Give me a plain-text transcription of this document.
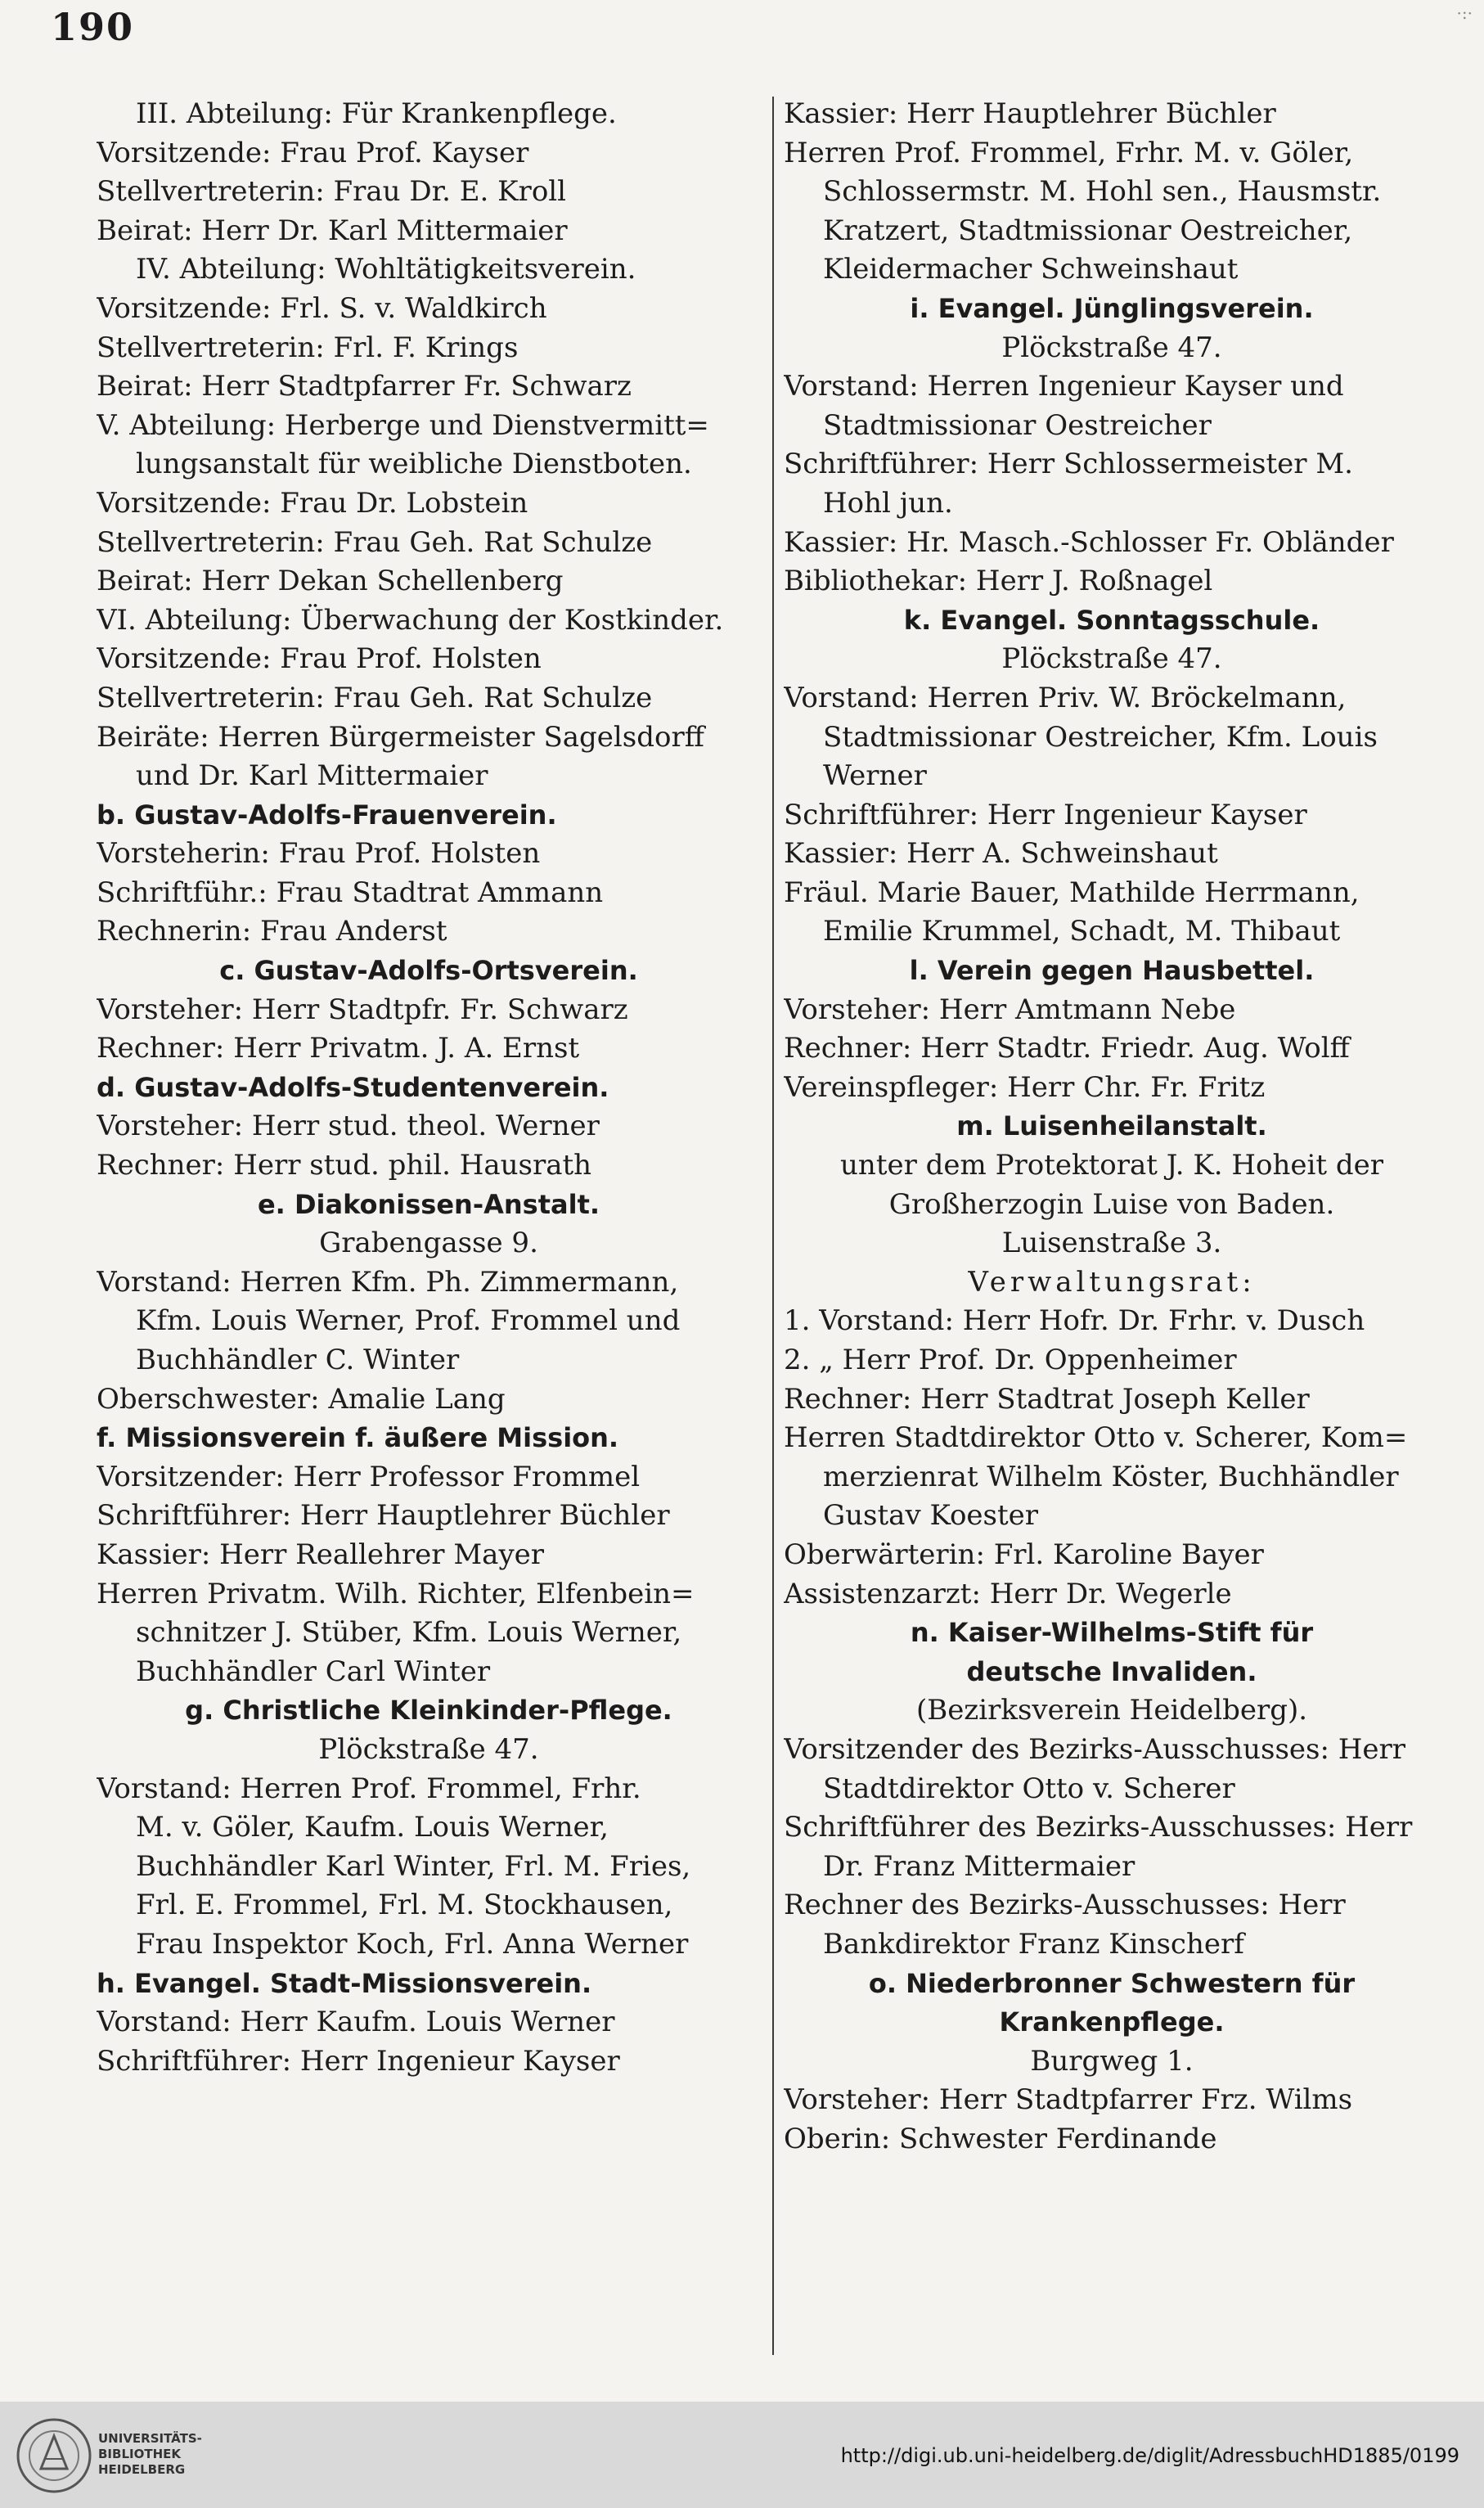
190	·:·
III. Abteilung: Für Krankenpflege.
Vorsitzende: Frau Prof. Kayser
Stellvertreterin: Frau Dr. E. Kroll
Beirat: Herr Dr. Karl Mittermaier
IV. Abteilung: Wohltätigkeitsverein.
Vorsitzende: Frl. S. v. Waldkirch
Stellvertreterin: Frl. F. Krings
Beirat: Herr Stadtpfarrer Fr. Schwarz
V. Abteilung: Herberge und Dienstvermitt=
lungsanstalt für weibliche Dienstboten.
Vorsitzende: Frau Dr. Lobstein
Stellvertreterin: Frau Geh. Rat Schulze
Beirat: Herr Dekan Schellenberg
VI. Abteilung: Überwachung der Kostkinder.
Vorsitzende: Frau Prof. Holsten
Stellvertreterin: Frau Geh. Rat Schulze
Beiräte: Herren Bürgermeister Sagelsdorff
und Dr. Karl Mittermaier
b. Gustav-Adolfs-Frauenverein.
Vorsteherin: Frau Prof. Holsten
Schriftführ.: Frau Stadtrat Ammann
Rechnerin: Frau Anderst
c. Gustav-Adolfs-Ortsverein.
Vorsteher: Herr Stadtpfr. Fr. Schwarz
Rechner: Herr Privatm. J. A. Ernst
d. Gustav-Adolfs-Studentenverein.
Vorsteher: Herr stud. theol. Werner
Rechner: Herr stud. phil. Hausrath
e. Diakonissen-Anstalt.
Grabengasse 9.
Vorstand: Herren Kfm. Ph. Zimmermann,
Kfm. Louis Werner, Prof. Frommel und
Buchhändler C. Winter
Oberschwester: Amalie Lang
f. Missionsverein f. äußere Mission.
Vorsitzender: Herr Professor Frommel
Schriftführer: Herr Hauptlehrer Büchler
Kassier: Herr Reallehrer Mayer
Herren Privatm. Wilh. Richter, Elfenbein=
schnitzer J. Stüber, Kfm. Louis Werner,
Buchhändler Carl Winter
g. Christliche Kleinkinder-Pflege.
Plöckstraße 47.
Vorstand: Herren Prof. Frommel, Frhr.
M. v. Göler, Kaufm. Louis Werner,
Buchhändler Karl Winter, Frl. M. Fries,
Frl. E. Frommel, Frl. M. Stockhausen,
Frau Inspektor Koch, Frl. Anna Werner
h. Evangel. Stadt-Missionsverein.
Vorstand: Herr Kaufm. Louis Werner
Schriftführer: Herr Ingenieur Kayser
Kassier: Herr Hauptlehrer Büchler
Herren Prof. Frommel, Frhr. M. v. Göler,
Schlossermstr. M. Hohl sen., Hausmstr.
Kratzert, Stadtmissionar Oestreicher,
Kleidermacher Schweinshaut
i. Evangel. Jünglingsverein.
Plöckstraße 47.
Vorstand: Herren Ingenieur Kayser und
Stadtmissionar Oestreicher
Schriftführer: Herr Schlossermeister M.
Hohl jun.
Kassier: Hr. Masch.-Schlosser Fr. Obländer
Bibliothekar: Herr J. Roßnagel
k. Evangel. Sonntagsschule.
Plöckstraße 47.
Vorstand: Herren Priv. W. Bröckelmann,
Stadtmissionar Oestreicher, Kfm. Louis
Werner
Schriftführer: Herr Ingenieur Kayser
Kassier: Herr A. Schweinshaut
Fräul. Marie Bauer, Mathilde Herrmann,
Emilie Krummel, Schadt, M. Thibaut
l. Verein gegen Hausbettel.
Vorsteher: Herr Amtmann Nebe
Rechner: Herr Stadtr. Friedr. Aug. Wolff
Vereinspfleger: Herr Chr. Fr. Fritz
m. Luisenheilanstalt.
unter dem Protektorat J. K. Hoheit der
Großherzogin Luise von Baden.
Luisenstraße 3.
Verwaltungsrat:
1. Vorstand: Herr Hofr. Dr. Frhr. v. Dusch
2. „ Herr Prof. Dr. Oppenheimer
Rechner: Herr Stadtrat Joseph Keller
Herren Stadtdirektor Otto v. Scherer, Kom=
merzienrat Wilhelm Köster, Buchhändler
Gustav Koester
Oberwärterin: Frl. Karoline Bayer
Assistenzarzt: Herr Dr. Wegerle
n. Kaiser-Wilhelms-Stift für
deutsche Invaliden.
(Bezirksverein Heidelberg).
Vorsitzender des Bezirks-Ausschusses: Herr
Stadtdirektor Otto v. Scherer
Schriftführer des Bezirks-Ausschusses: Herr
Dr. Franz Mittermaier
Rechner des Bezirks-Ausschusses: Herr
Bankdirektor Franz Kinscherf
o. Niederbronner Schwestern für
Krankenpflege.
Burgweg 1.
Vorsteher: Herr Stadtpfarrer Frz. Wilms
Oberin: Schwester Ferdinande
UNIVERSITÄTS-
BIBLIOTHEK
HEIDELBERG
http://digi.ub.uni-heidelberg.de/diglit/AdressbuchHD1885/0199
